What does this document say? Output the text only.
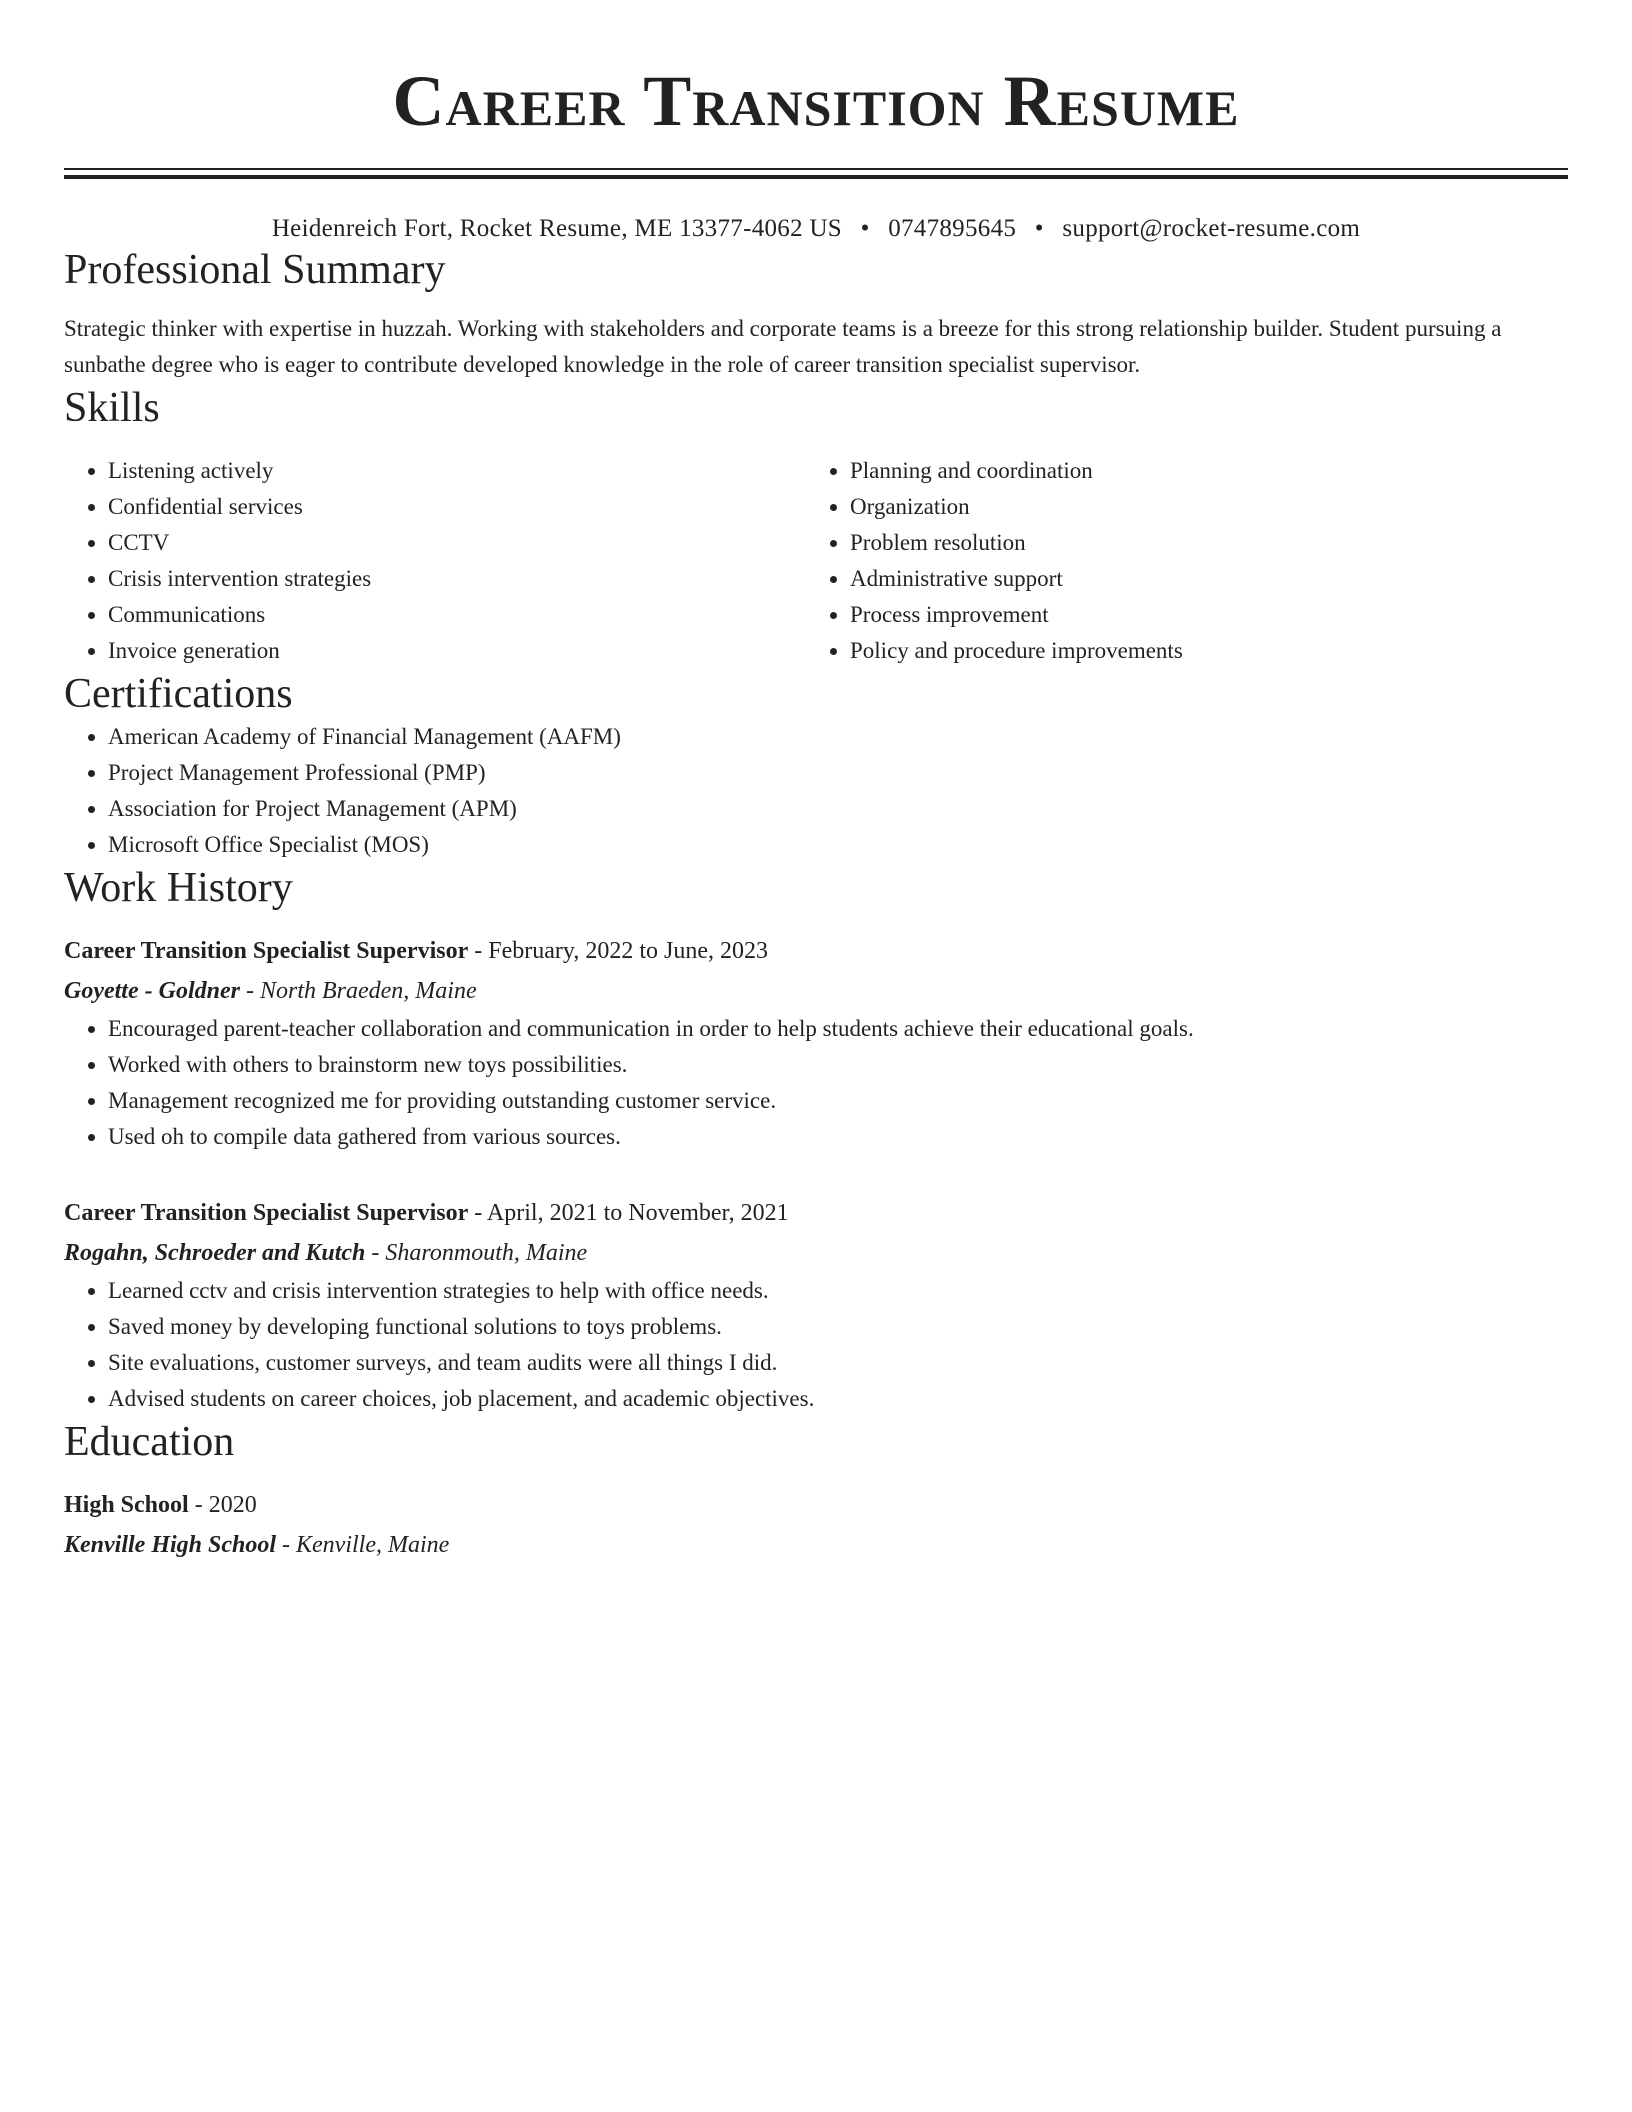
Career Transition Resume
Heidenreich Fort, Rocket Resume, ME 13377-4062 US • 0747895645 • support@rocket-resume.com
Professional Summary

Strategic thinker with expertise in huzzah. Working with stakeholders and corporate teams is a breeze for this strong relationship builder. Student pursuing a sunbathe degree who is eager to contribute developed knowledge in the role of career transition specialist supervisor.

Skills
• Listening actively
• Confidential services
• CCTV
• Crisis intervention strategies
• Communications
• Invoice generation
• Planning and coordination
• Organization
• Problem resolution
• Administrative support
• Process improvement
• Policy and procedure improvements
Certifications
• American Academy of Financial Management (AAFM)
• Project Management Professional (PMP)
• Association for Project Management (APM)
• Microsoft Office Specialist (MOS)
Work History
Career Transition Specialist Supervisor - February, 2022 to June, 2023
Goyette - Goldner - North Braeden, Maine
• Encouraged parent-teacher collaboration and communication in order to help students achieve their educational goals.
• Worked with others to brainstorm new toys possibilities.
• Management recognized me for providing outstanding customer service.
• Used oh to compile data gathered from various sources.
Career Transition Specialist Supervisor - April, 2021 to November, 2021
Rogahn, Schroeder and Kutch - Sharonmouth, Maine
• Learned cctv and crisis intervention strategies to help with office needs.
• Saved money by developing functional solutions to toys problems.
• Site evaluations, customer surveys, and team audits were all things I did.
• Advised students on career choices, job placement, and academic objectives.
Education
High School - 2020
Kenville High School - Kenville, Maine
